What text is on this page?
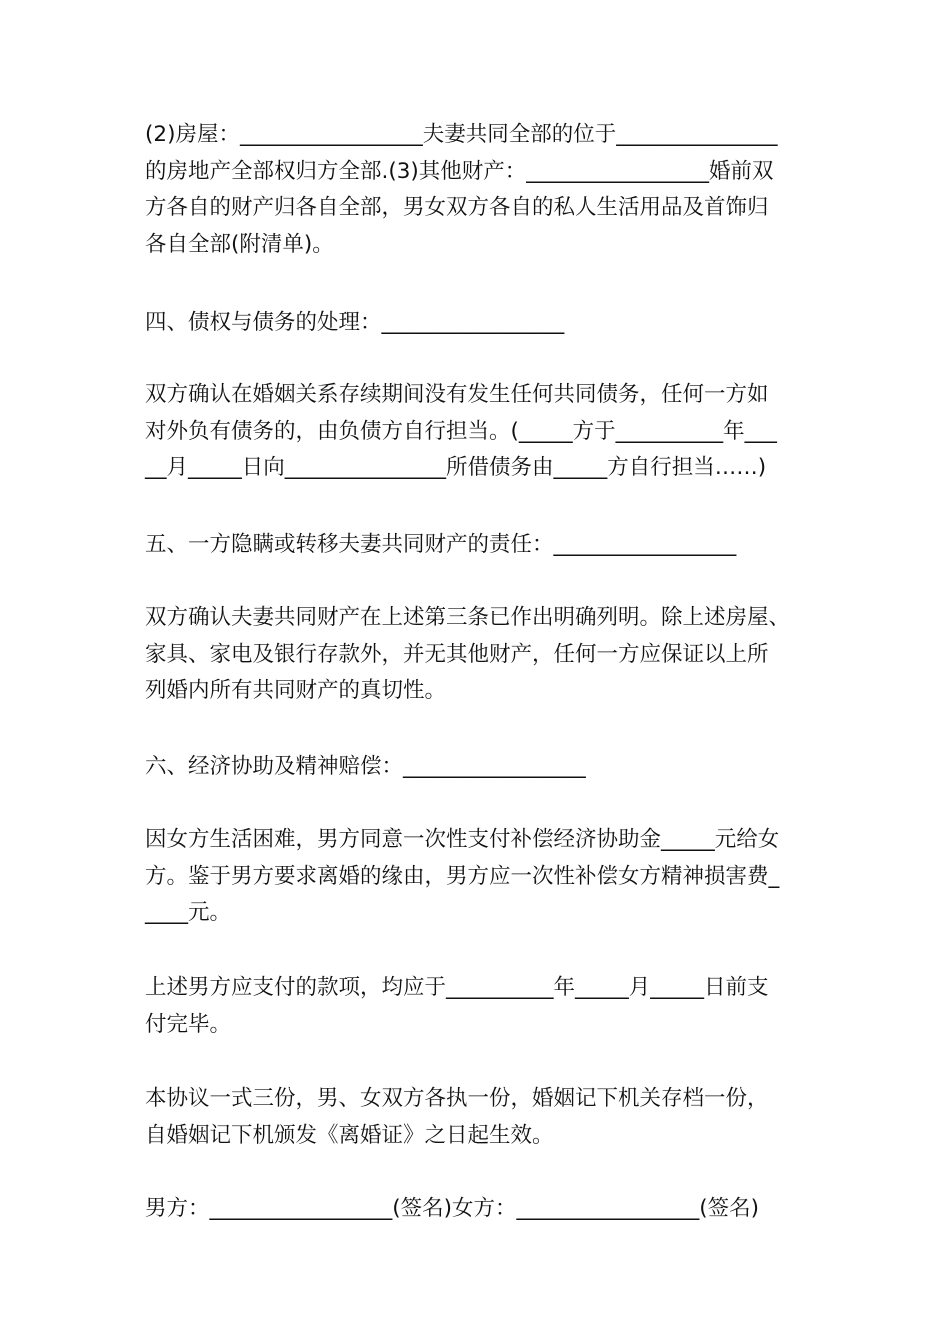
(2)房屋：_________________夫妻共同全部的位于_______________
的房地产全部权归方全部.(3)其他财产：_________________婚前双
方各自的财产归各自全部，男女双方各自的私人生活用品及首饰归
各自全部(附清单)。

四、债权与债务的处理：_________________

双方确认在婚姻关系存续期间没有发生任何共同债务，任何一方如
对外负有债务的，由负债方自行担当。(_____方于__________年___
__月_____日向_______________所借债务由_____方自行担当……)

五、一方隐瞒或转移夫妻共同财产的责任：_________________

双方确认夫妻共同财产在上述第三条已作出明确列明。除上述房屋、
家具、家电及银行存款外，并无其他财产，任何一方应保证以上所
列婚内所有共同财产的真切性。

六、经济协助及精神赔偿：_________________

因女方生活困难，男方同意一次性支付补偿经济协助金_____元给女
方。鉴于男方要求离婚的缘由，男方应一次性补偿女方精神损害费_
____元。

上述男方应支付的款项，均应于__________年_____月_____日前支
付完毕。

本协议一式三份，男、女双方各执一份，婚姻记下机关存档一份，
自婚姻记下机颁发《离婚证》之日起生效。

男方：_________________(签名)女方：_________________(签名)
